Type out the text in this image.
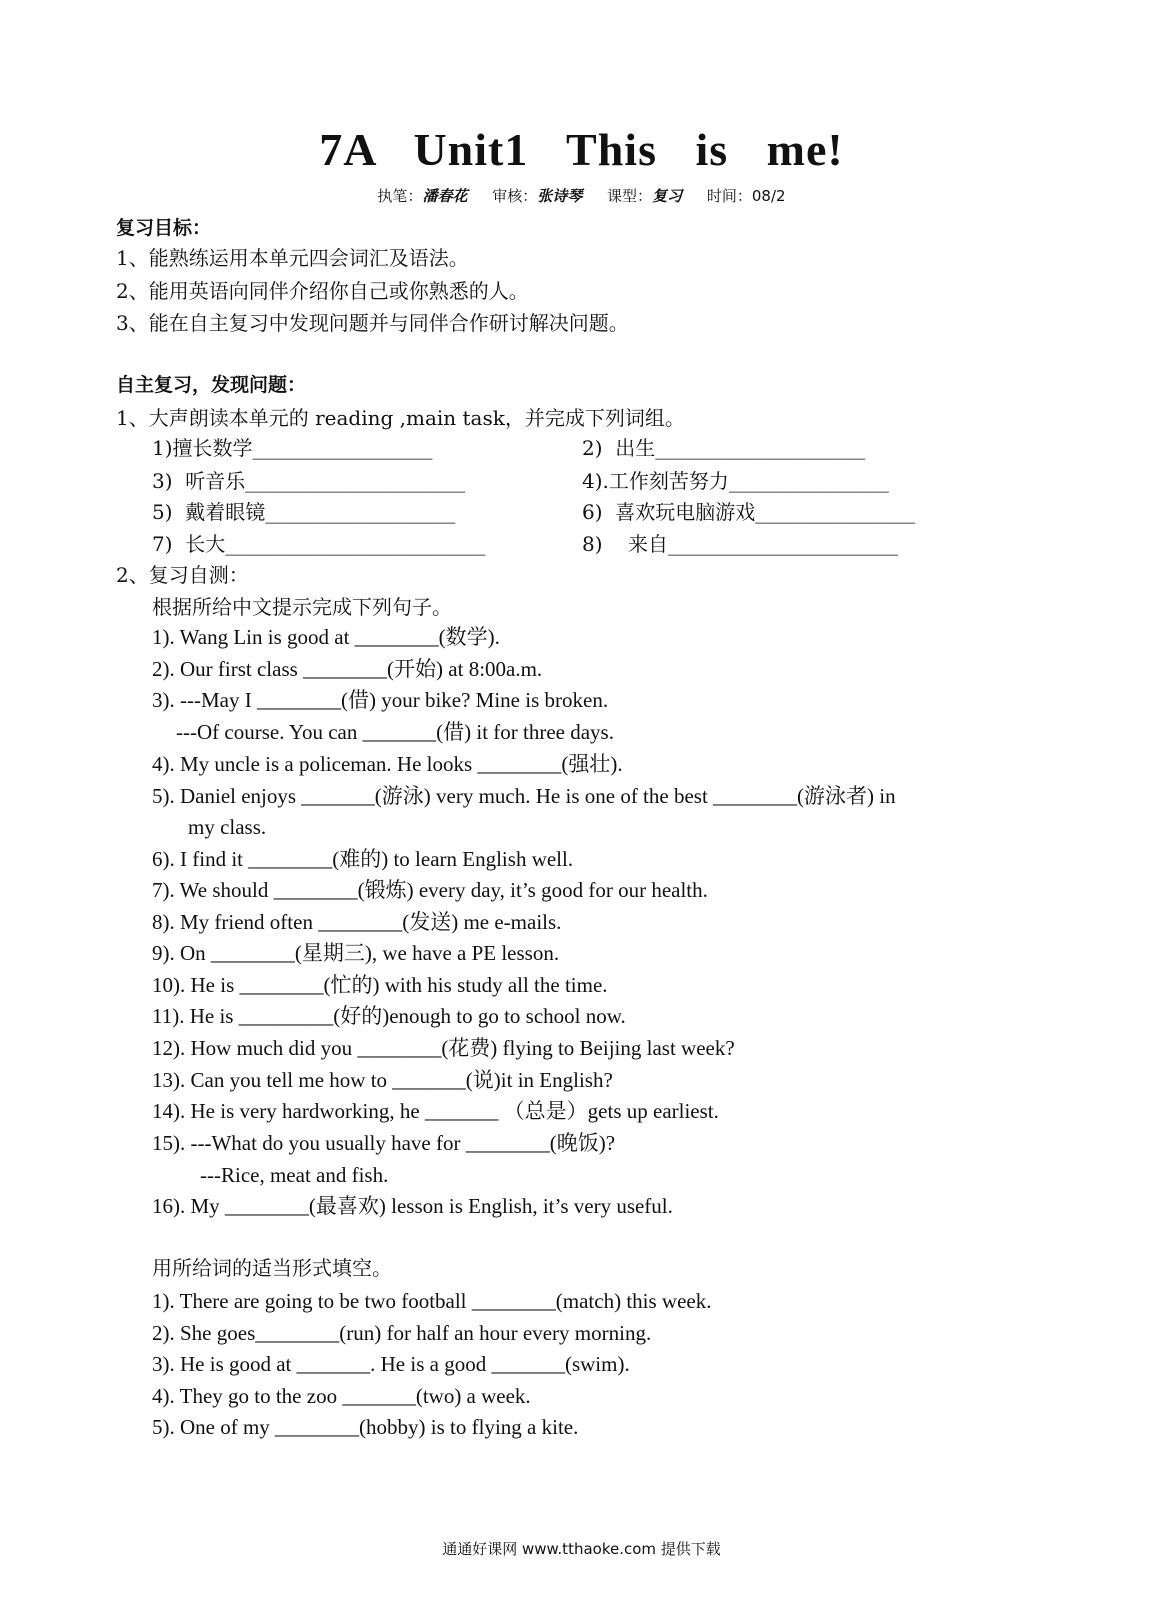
7A Unit1 This is me!
执笔：潘春花 审核：张诗琴 课型：复习 时间：08/2
复习目标：
1、能熟练运用本单元四会词汇及语法。
2、能用英语向同伴介绍你自己或你熟悉的人。
3、能在自主复习中发现问题并与同伴合作研讨解决问题。
自主复习，发现问题：
1、大声朗读本单元的 reading ,main task，并完成下列词组。
1)擅长数学__________________	2)  出生_____________________
3)  听音乐______________________	4).工作刻苦努力________________
5)  戴着眼镜___________________	6)  喜欢玩电脑游戏________________
7)  长大__________________________	8)    来自_______________________
2、复习自测：
根据所给中文提示完成下列句子。
1). Wang Lin is good at ________(数学).
2). Our first class ________(开始) at 8:00a.m.
3). ---May I ________(借) your bike? Mine is broken.
---Of course. You can _______(借) it for three days.
4). My uncle is a policeman. He looks ________(强壮).
5). Daniel enjoys _______(游泳) very much. He is one of the best ________(游泳者) in
my class.
6). I find it ________(难的) to learn English well.
7). We should ________(锻炼) every day, it’s good for our health.
8). My friend often ________(发送) me e-mails.
9). On ________(星期三), we have a PE lesson.
10). He is ________(忙的) with his study all the time.
11). He is _________(好的)enough to go to school now.
12). How much did you ________(花费) flying to Beijing last week?
13). Can you tell me how to _______(说)it in English?
14). He is very hardworking, he _______ （总是）gets up earliest.
15). ---What do you usually have for ________(晚饭)?
---Rice, meat and fish.
16). My ________(最喜欢) lesson is English, it’s very useful.
用所给词的适当形式填空。
1). There are going to be two football ________(match) this week.
2). She goes________(run) for half an hour every morning.
3). He is good at _______. He is a good _______(swim).
4). They go to the zoo _______(two) a week.
5). One of my ________(hobby) is to flying a kite.
通通好课网 www.tthaoke.com 提供下载
